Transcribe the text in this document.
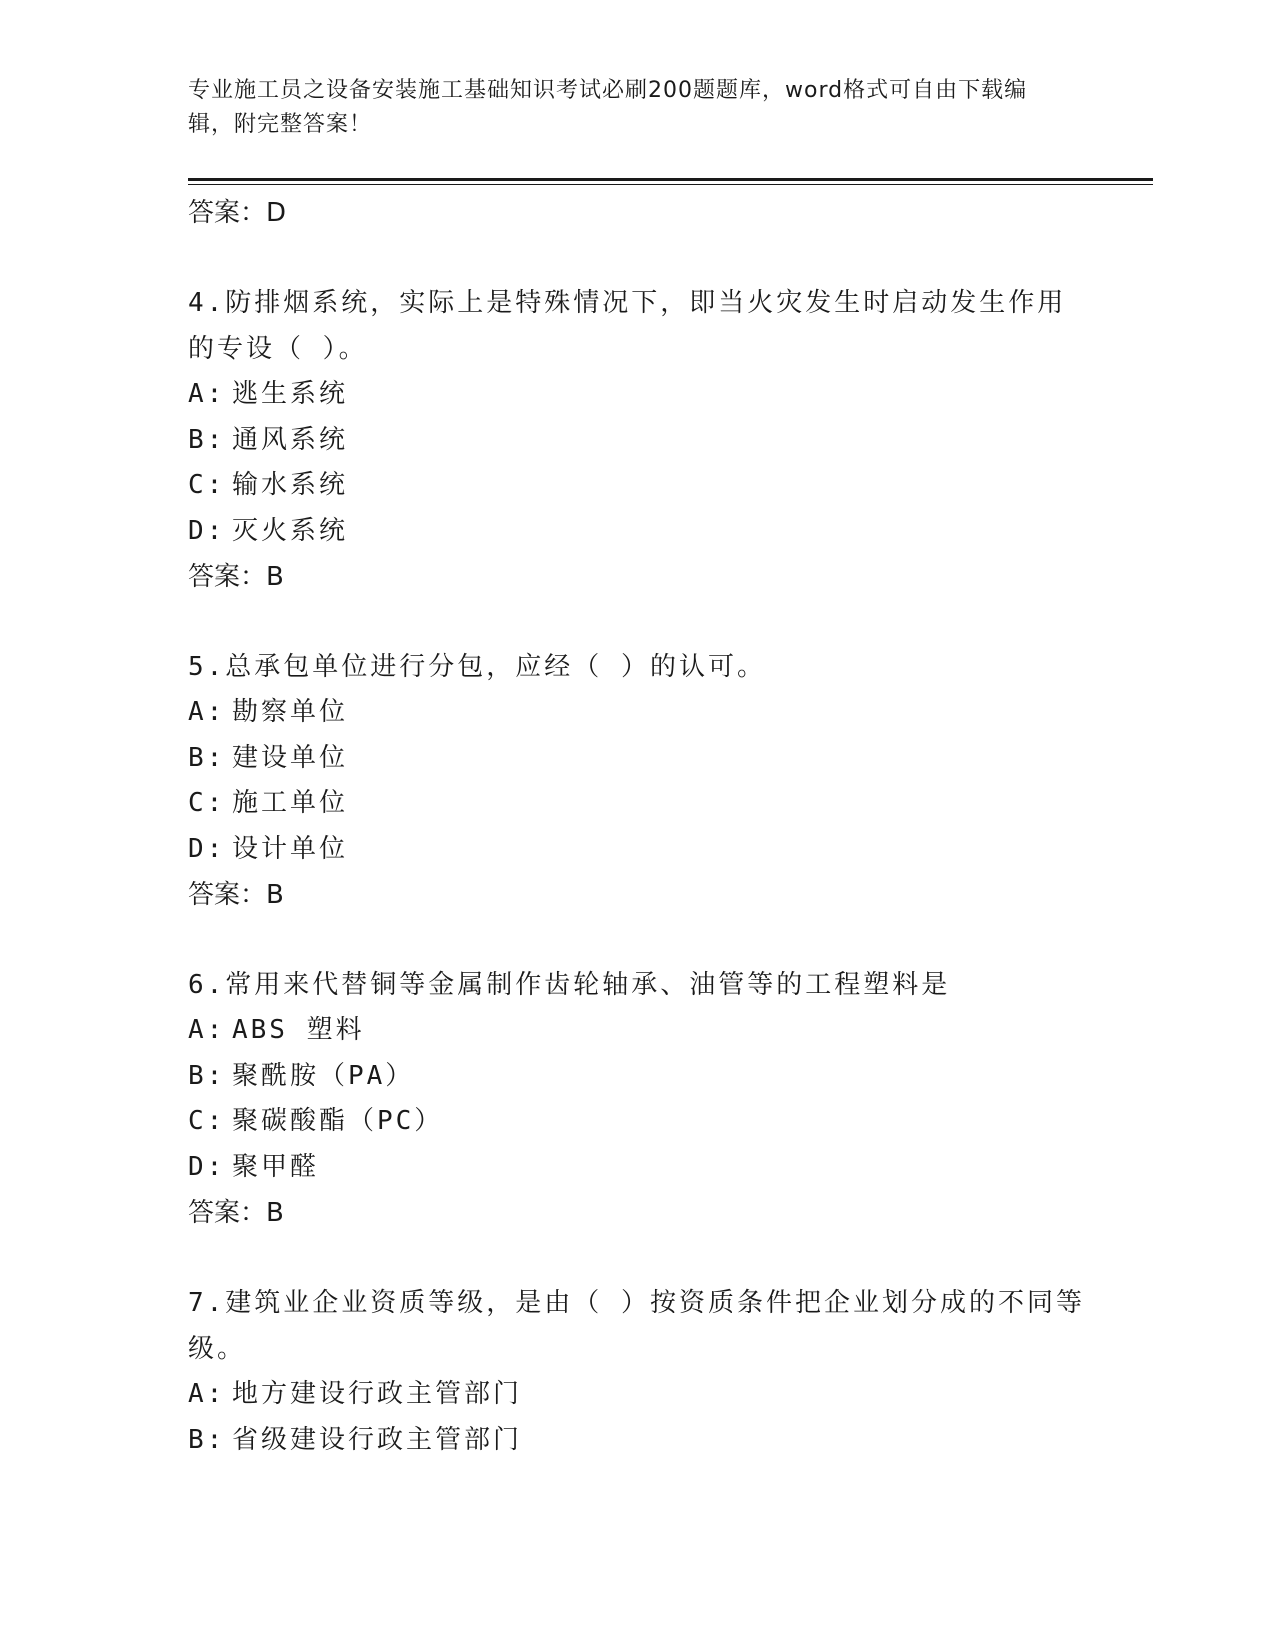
专业施工员之设备安装施工基础知识考试必刷200题题库，word格式可自由下载编辑，附完整答案！

答案：D

4.防排烟系统，实际上是特殊情况下，即当火灾发生时启动发生作用的专设（ ）。

A: 逃生系统

B: 通风系统

C: 输水系统

D: 灭火系统

答案：B

5.总承包单位进行分包，应经（ ）的认可。

A: 勘察单位

B: 建设单位

C: 施工单位

D: 设计单位

答案：B

6.常用来代替铜等金属制作齿轮轴承、油管等的工程塑料是

A: ABS 塑料

B: 聚酰胺（PA）

C: 聚碳酸酯（PC）

D: 聚甲醛

答案：B

7.建筑业企业资质等级，是由（ ）按资质条件把企业划分成的不同等级。

A: 地方建设行政主管部门

B: 省级建设行政主管部门
